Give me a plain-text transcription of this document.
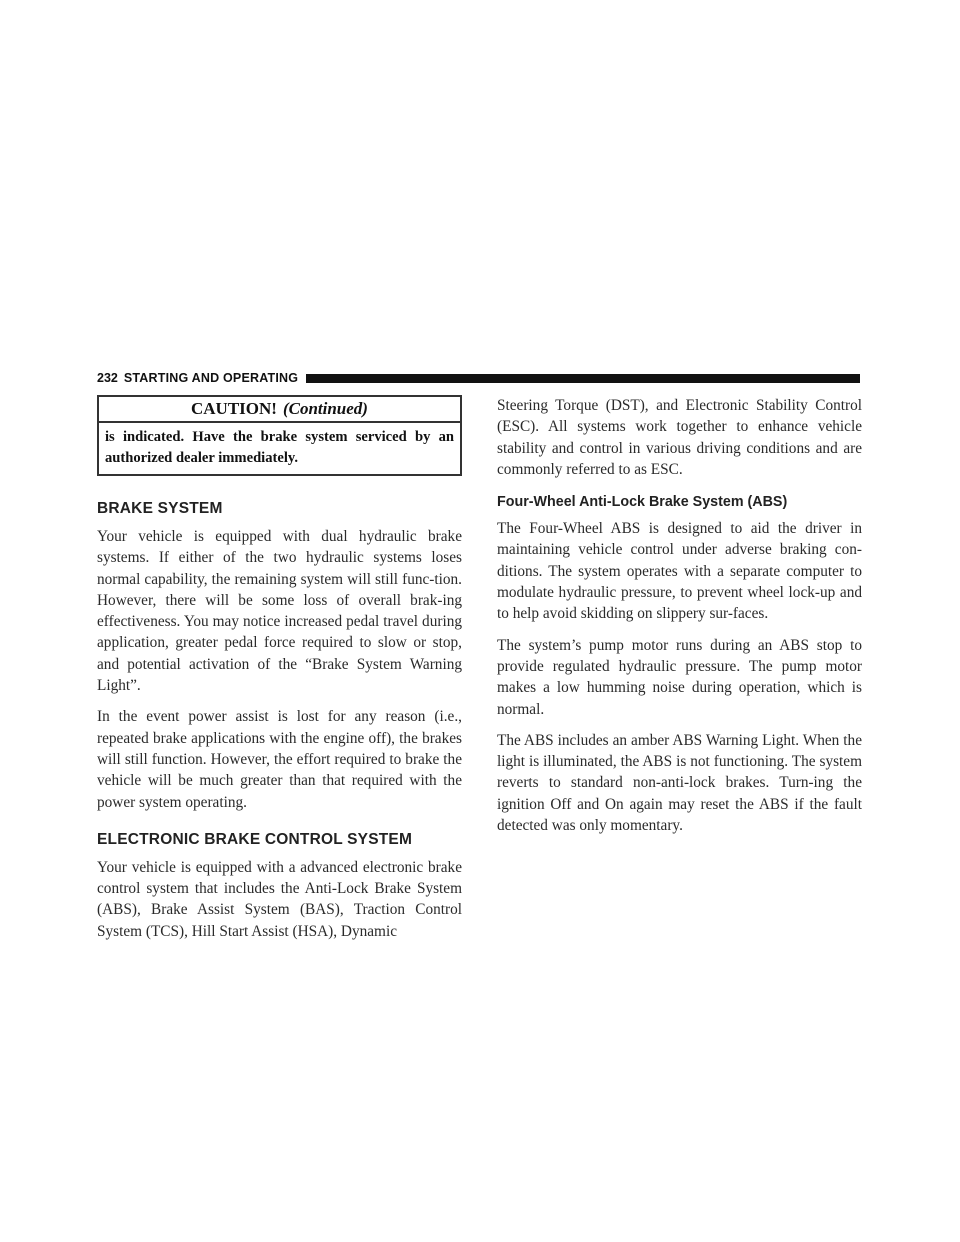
232 STARTING AND OPERATING
CAUTION! (Continued)
is indicated. Have the brake system serviced by an authorized dealer immediately.
BRAKE SYSTEM

Your vehicle is equipped with dual hydraulic brake systems. If either of the two hydraulic systems loses normal capability, the remaining system will still func-tion. However, there will be some loss of overall brak-ing effectiveness. You may notice increased pedal travel during application, greater pedal force required to slow or stop, and potential activation of the “Brake System Warning Light”.

In the event power assist is lost for any reason (i.e., repeated brake applications with the engine off), the brakes will still function. However, the effort required to brake the vehicle will be much greater than that required with the power system operating.

ELECTRONIC BRAKE CONTROL SYSTEM

Your vehicle is equipped with a advanced electronic brake control system that includes the Anti-Lock Brake System (ABS), Brake Assist System (BAS), Traction Control System (TCS), Hill Start Assist (HSA), Dynamic

Steering Torque (DST), and Electronic Stability Control (ESC). All systems work together to enhance vehicle stability and control in various driving conditions and are commonly referred to as ESC.

Four-Wheel Anti-Lock Brake System (ABS)

The Four-Wheel ABS is designed to aid the driver in maintaining vehicle control under adverse braking con-ditions. The system operates with a separate computer to modulate hydraulic pressure, to prevent wheel lock-up and to help avoid skidding on slippery sur-faces.

The system’s pump motor runs during an ABS stop to provide regulated hydraulic pressure. The pump motor makes a low humming noise during operation, which is normal.

The ABS includes an amber ABS Warning Light. When the light is illuminated, the ABS is not functioning. The system reverts to standard non-anti-lock brakes. Turn-ing the ignition Off and On again may reset the ABS if the fault detected was only momentary.
